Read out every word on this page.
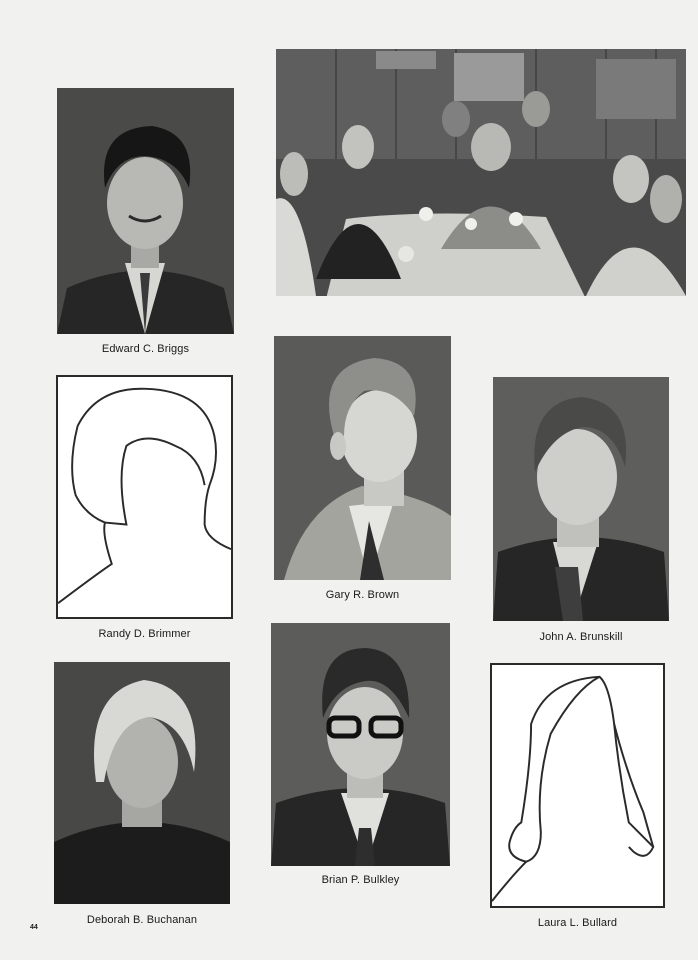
Edward C. Briggs
Randy D. Brimmer
Gary R. Brown
John A. Brunskill
Deborah B. Buchanan
Brian P. Bulkley
Laura L. Bullard
44
